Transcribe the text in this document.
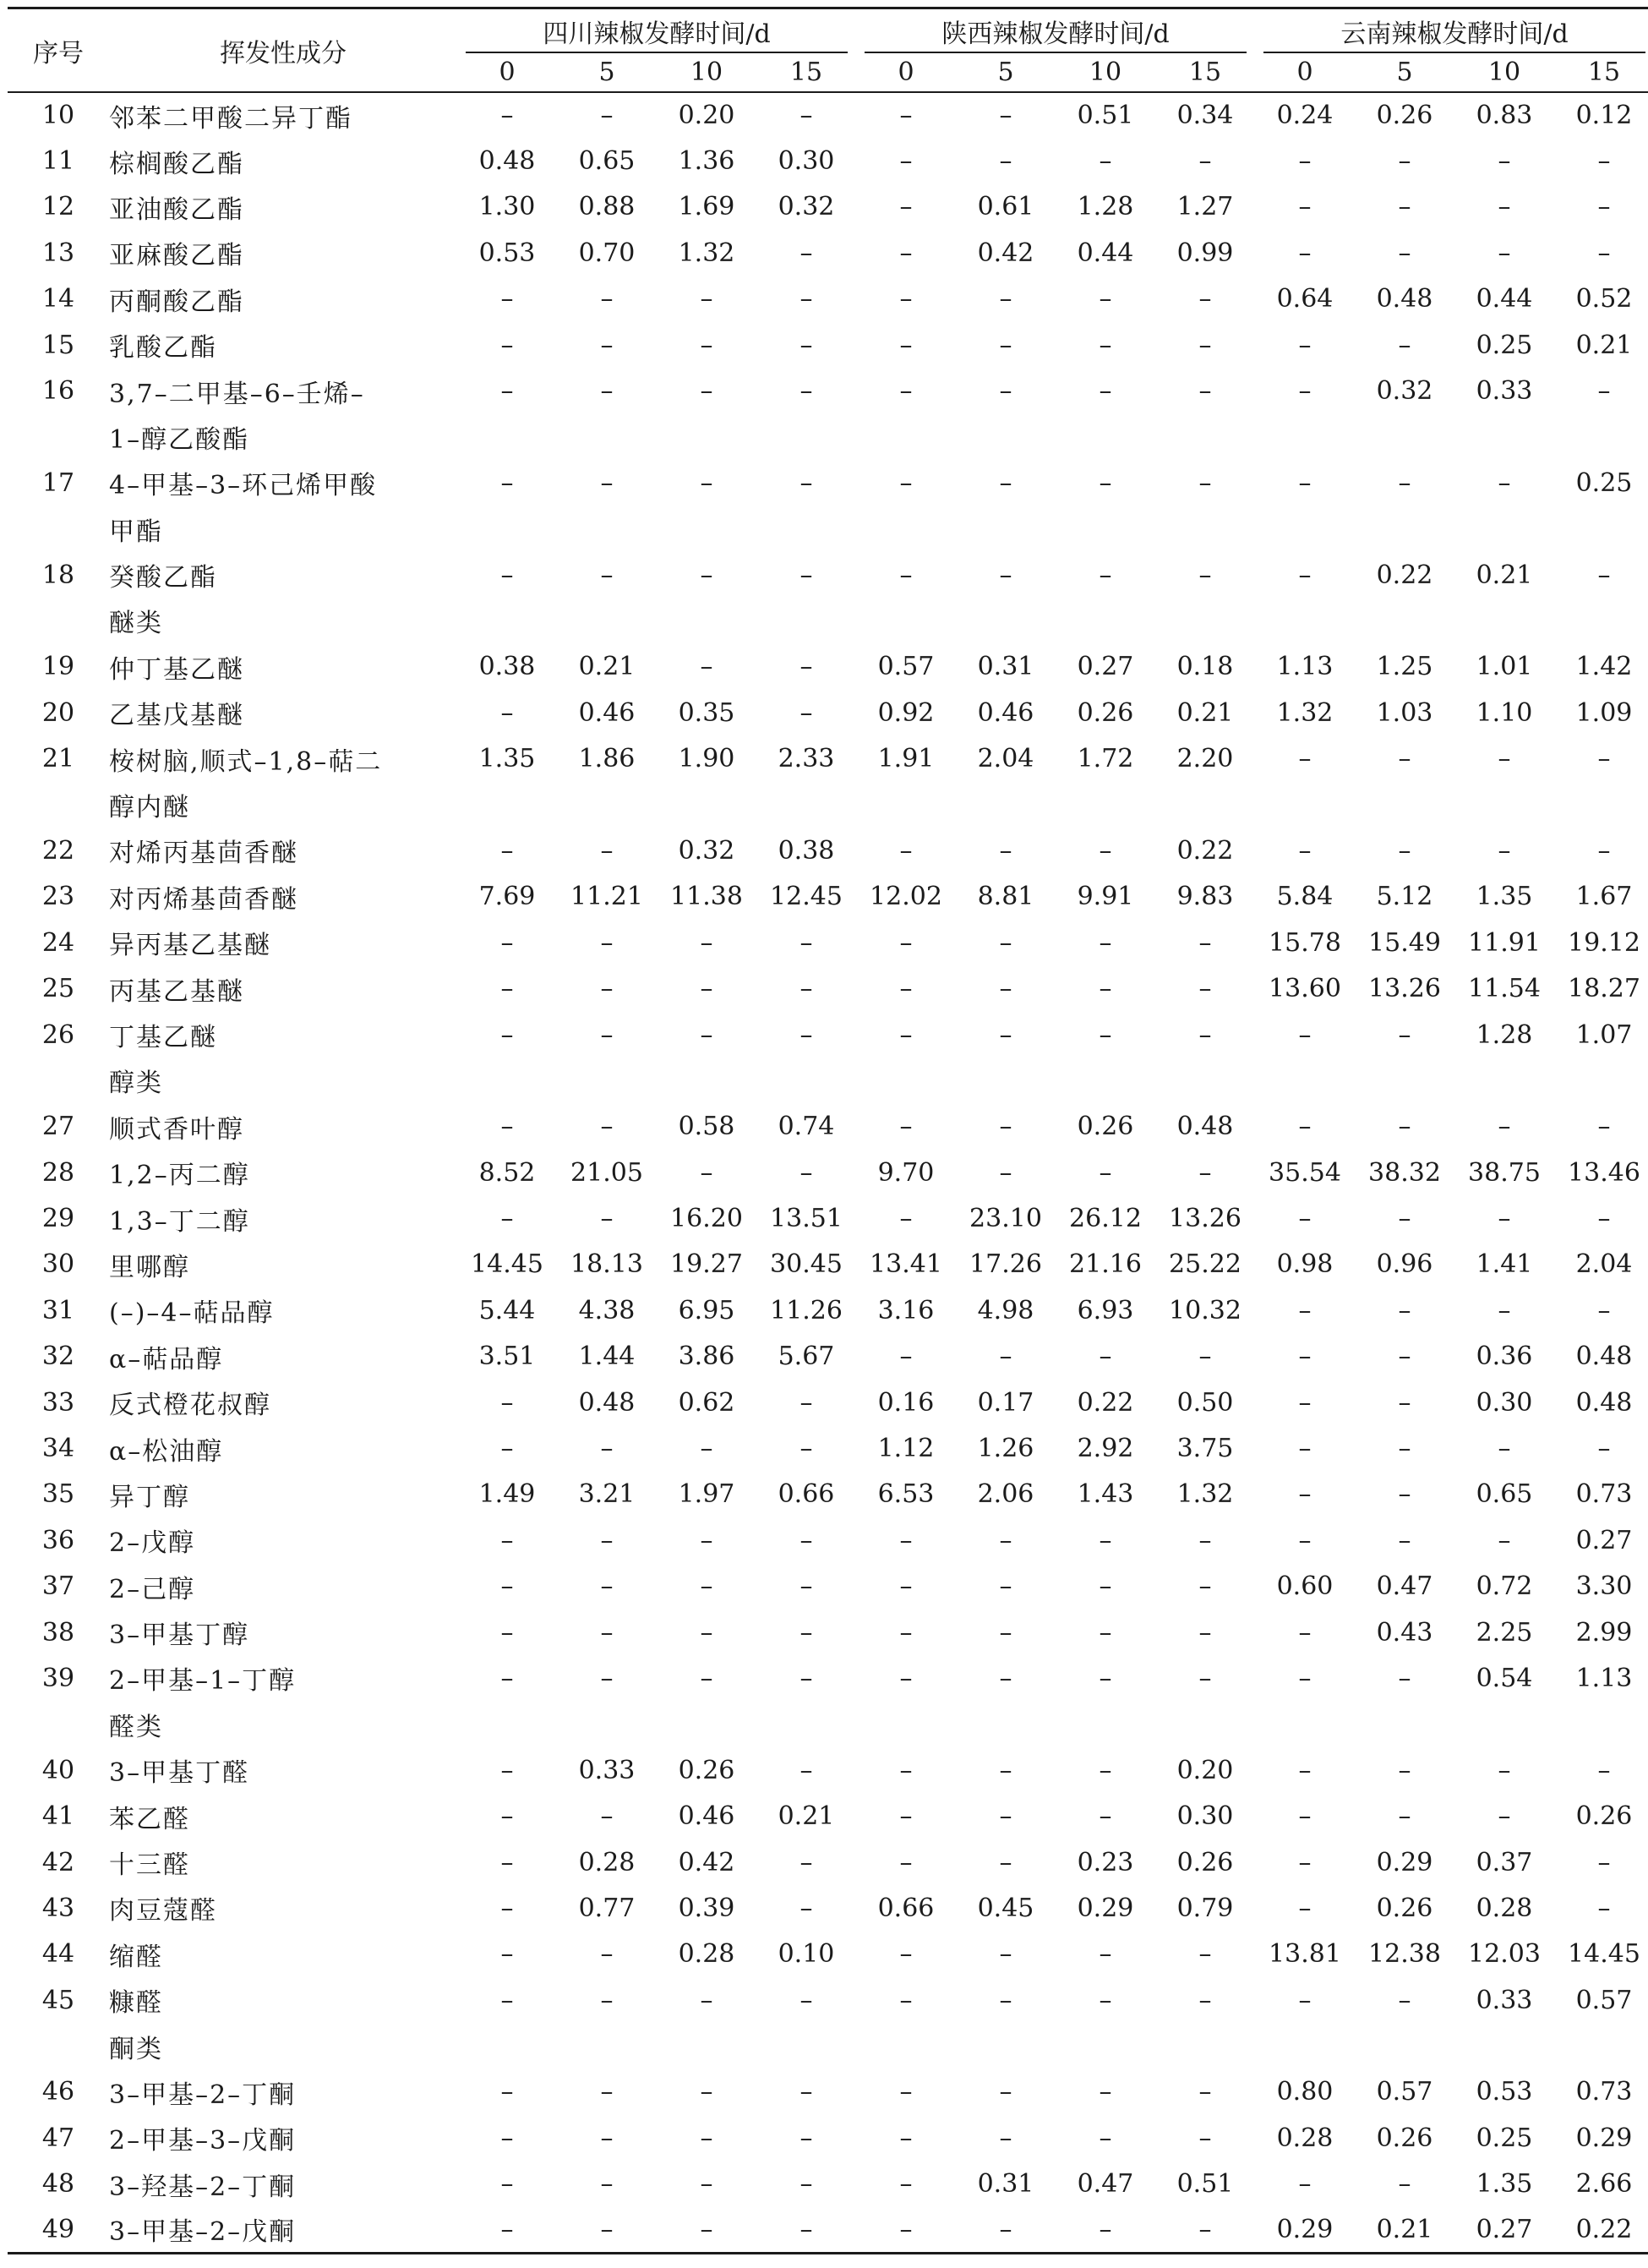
序号	挥发性成分	四川辣椒发酵时间/d				陕西辣椒发酵时间/d				云南辣椒发酵时间/d			
		0	5	10	15	0	5	10	15	0	5	10	15
10	邻苯二甲酸二异丁酯	–	–	0.20	–	–	–	0.51	0.34	0.24	0.26	0.83	0.12
11	棕榈酸乙酯	0.48	0.65	1.36	0.30	–	–	–	–	–	–	–	–
12	亚油酸乙酯	1.30	0.88	1.69	0.32	–	0.61	1.28	1.27	–	–	–	–
13	亚麻酸乙酯	0.53	0.70	1.32	–	–	0.42	0.44	0.99	–	–	–	–
14	丙酮酸乙酯	–	–	–	–	–	–	–	–	0.64	0.48	0.44	0.52
15	乳酸乙酯	–	–	–	–	–	–	–	–	–	–	0.25	0.21
16	3,7–二甲基–6–壬烯–	–	–	–	–	–	–	–	–	–	0.32	0.33	–
	1–醇乙酸酯												
17	4–甲基–3–环己烯甲酸	–	–	–	–	–	–	–	–	–	–	–	0.25
	甲酯												
18	癸酸乙酯	–	–	–	–	–	–	–	–	–	0.22	0.21	–
	醚类												
19	仲丁基乙醚	0.38	0.21	–	–	0.57	0.31	0.27	0.18	1.13	1.25	1.01	1.42
20	乙基戊基醚	–	0.46	0.35	–	0.92	0.46	0.26	0.21	1.32	1.03	1.10	1.09
21	桉树脑,顺式–1,8–萜二	1.35	1.86	1.90	2.33	1.91	2.04	1.72	2.20	–	–	–	–
	醇内醚												
22	对烯丙基茴香醚	–	–	0.32	0.38	–	–	–	0.22	–	–	–	–
23	对丙烯基茴香醚	7.69	11.21	11.38	12.45	12.02	8.81	9.91	9.83	5.84	5.12	1.35	1.67
24	异丙基乙基醚	–	–	–	–	–	–	–	–	15.78	15.49	11.91	19.12
25	丙基乙基醚	–	–	–	–	–	–	–	–	13.60	13.26	11.54	18.27
26	丁基乙醚	–	–	–	–	–	–	–	–	–	–	1.28	1.07
	醇类												
27	顺式香叶醇	–	–	0.58	0.74	–	–	0.26	0.48	–	–	–	–
28	1,2–丙二醇	8.52	21.05	–	–	9.70	–	–	–	35.54	38.32	38.75	13.46
29	1,3–丁二醇	–	–	16.20	13.51	–	23.10	26.12	13.26	–	–	–	–
30	里哪醇	14.45	18.13	19.27	30.45	13.41	17.26	21.16	25.22	0.98	0.96	1.41	2.04
31	(–)–4–萜品醇	5.44	4.38	6.95	11.26	3.16	4.98	6.93	10.32	–	–	–	–
32	α–萜品醇	3.51	1.44	3.86	5.67	–	–	–	–	–	–	0.36	0.48
33	反式橙花叔醇	–	0.48	0.62	–	0.16	0.17	0.22	0.50	–	–	0.30	0.48
34	α–松油醇	–	–	–	–	1.12	1.26	2.92	3.75	–	–	–	–
35	异丁醇	1.49	3.21	1.97	0.66	6.53	2.06	1.43	1.32	–	–	0.65	0.73
36	2–戊醇	–	–	–	–	–	–	–	–	–	–	–	0.27
37	2–己醇	–	–	–	–	–	–	–	–	0.60	0.47	0.72	3.30
38	3–甲基丁醇	–	–	–	–	–	–	–	–	–	0.43	2.25	2.99
39	2–甲基–1–丁醇	–	–	–	–	–	–	–	–	–	–	0.54	1.13
	醛类												
40	3–甲基丁醛	–	0.33	0.26	–	–	–	–	0.20	–	–	–	–
41	苯乙醛	–	–	0.46	0.21	–	–	–	0.30	–	–	–	0.26
42	十三醛	–	0.28	0.42	–	–	–	0.23	0.26	–	0.29	0.37	–
43	肉豆蔻醛	–	0.77	0.39	–	0.66	0.45	0.29	0.79	–	0.26	0.28	–
44	缩醛	–	–	0.28	0.10	–	–	–	–	13.81	12.38	12.03	14.45
45	糠醛	–	–	–	–	–	–	–	–	–	–	0.33	0.57
	酮类												
46	3–甲基–2–丁酮	–	–	–	–	–	–	–	–	0.80	0.57	0.53	0.73
47	2–甲基–3–戊酮	–	–	–	–	–	–	–	–	0.28	0.26	0.25	0.29
48	3–羟基–2–丁酮	–	–	–	–	–	0.31	0.47	0.51	–	–	1.35	2.66
49	3–甲基–2–戊酮	–	–	–	–	–	–	–	–	0.29	0.21	0.27	0.22
